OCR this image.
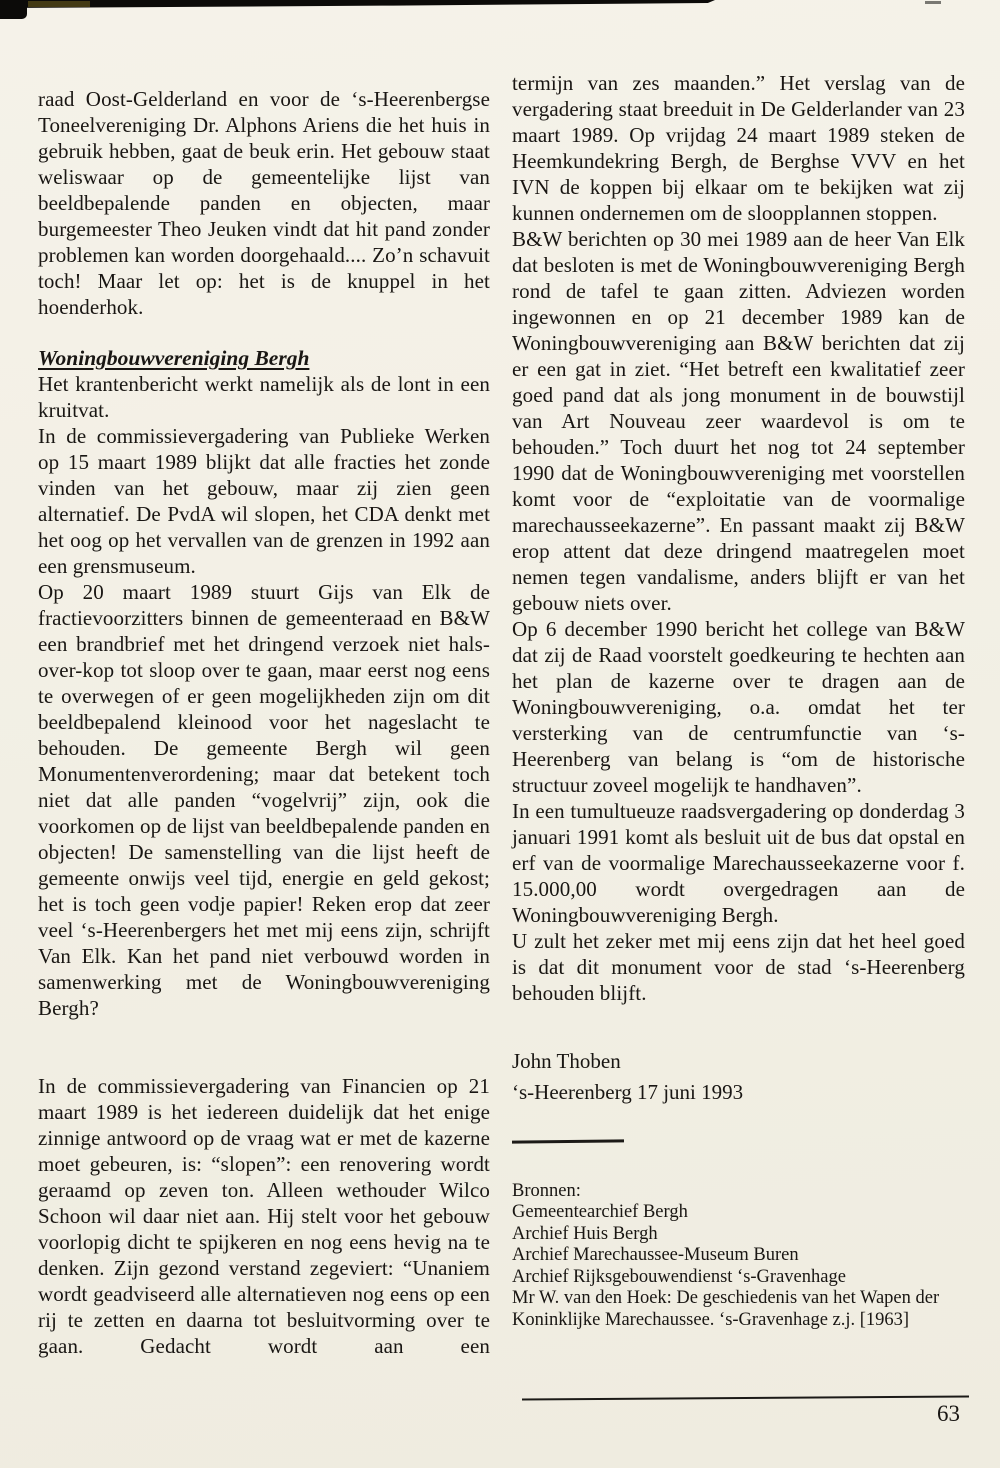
raad Oost-Gelderland en voor de ‘s-Heerenbergse Toneelvereniging Dr. Alphons Ariens die het huis in gebruik hebben, gaat de beuk erin. Het gebouw staat weliswaar op de gemeentelijke lijst van beeldbepalende panden en objecten, maar burgemeester Theo Jeuken vindt dat hit pand zonder problemen kan worden doorgehaald.... Zo’n schavuit toch! Maar let op: het is de knuppel in het hoenderhok.

Woningbouwvereniging Bergh

Het krantenbericht werkt namelijk als de lont in een kruitvat.

In de commissievergadering van Publieke Werken op 15 maart 1989 blijkt dat alle fracties het zonde vinden van het gebouw, maar zij zien geen alternatief. De PvdA wil slopen, het CDA denkt met het oog op het vervallen van de grenzen in 1992 aan een grensmuseum.

Op 20 maart 1989 stuurt Gijs van Elk de fractievoorzitters binnen de gemeenteraad en B&W een brandbrief met het dringend verzoek niet hals-over-kop tot sloop over te gaan, maar eerst nog eens te overwegen of er geen mogelijkheden zijn om dit beeldbepalend kleinood voor het nageslacht te behouden. De gemeente Bergh wil geen Monumentenverordening; maar dat betekent toch niet dat alle panden “vogelvrij” zijn, ook die voorkomen op de lijst van beeldbepalende panden en objecten! De samenstelling van die lijst heeft de gemeente onwijs veel tijd, energie en geld gekost; het is toch geen vodje papier! Reken erop dat zeer veel ‘s-Heerenbergers het met mij eens zijn, schrijft Van Elk. Kan het pand niet verbouwd worden in samenwerking met de Woningbouwvereniging Bergh?

In de commissievergadering van Financien op 21 maart 1989 is het iedereen duidelijk dat het enige zinnige antwoord op de vraag wat er met de kazerne moet gebeuren, is: “slopen”: een renovering wordt geraamd op zeven ton. Alleen wethouder Wilco Schoon wil daar niet aan. Hij stelt voor het gebouw voorlopig dicht te spijkeren en nog eens hevig na te denken. Zijn gezond verstand zegeviert: “Unaniem wordt geadviseerd alle alternatieven nog eens op een rij te zetten en daarna tot besluitvorming over te gaan. Gedacht wordt aan een

termijn van zes maanden.” Het verslag van de vergadering staat breeduit in De Gelderlander van 23 maart 1989. Op vrijdag 24 maart 1989 steken de Heemkundekring Bergh, de Berghse VVV en het IVN de koppen bij elkaar om te bekijken wat zij kunnen ondernemen om de sloopplannen stoppen.

B&W berichten op 30 mei 1989 aan de heer Van Elk dat besloten is met de Woningbouwvereniging Bergh rond de tafel te gaan zitten. Adviezen worden ingewonnen en op 21 december 1989 kan de Woningbouwvereniging aan B&W berichten dat zij er een gat in ziet. “Het betreft een kwalitatief zeer goed pand dat als jong monument in de bouwstijl van Art Nouveau zeer waardevol is om te behouden.” Toch duurt het nog tot 24 september 1990 dat de Woningbouwvereniging met voorstellen komt voor de “exploitatie van de voormalige marechausseekazerne”. En passant maakt zij B&W erop attent dat deze dringend maatregelen moet nemen tegen vandalisme, anders blijft er van het gebouw niets over.

Op 6 december 1990 bericht het college van B&W dat zij de Raad voorstelt goedkeuring te hechten aan het plan de kazerne over te dragen aan de Woningbouwvereniging, o.a. omdat het ter versterking van de centrumfunctie van ‘s-Heerenberg van belang is “om de historische structuur zoveel mogelijk te handhaven”.

In een tumultueuze raadsvergadering op donderdag 3 januari 1991 komt als besluit uit de bus dat opstal en erf van de voormalige Marechausseekazerne voor f. 15.000,00 wordt overgedragen aan de Woningbouwvereniging Bergh.

U zult het zeker met mij eens zijn dat het heel goed is dat dit monument voor de stad ‘s-Heerenberg behouden blijft.

John Thoben
‘s-Heerenberg 17 juni 1993
Bronnen:
Gemeentearchief Bergh
Archief Huis Bergh
Archief Marechaussee-Museum Buren
Archief Rijksgebouwendienst ‘s-Gravenhage
Mr W. van den Hoek: De geschiedenis van het Wapen der Koninklijke Marechaussee. ‘s-Gravenhage z.j. [1963]
63
